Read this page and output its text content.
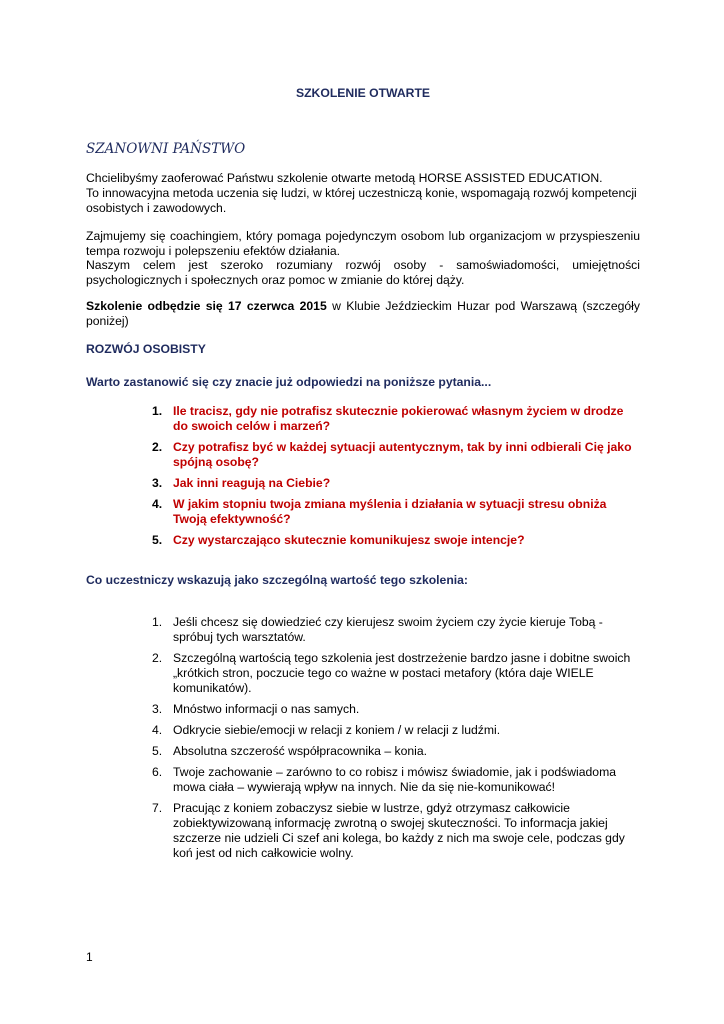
SZKOLENIE OTWARTE
SZANOWNI PAŃSTWO

Chcielibyśmy zaoferować Państwu szkolenie otwarte metodą HORSE ASSISTED EDUCATION.

To innowacyjna metoda uczenia się ludzi, w której uczestniczą konie, wspomagają rozwój kompetencji osobistych i zawodowych.

Zajmujemy się coachingiem, który pomaga pojedynczym osobom lub organizacjom w przyspieszeniu tempa rozwoju i polepszeniu efektów działania.

Naszym celem jest szeroko rozumiany rozwój osoby - samoświadomości, umiejętności psychologicznych i społecznych oraz pomoc w zmianie do której dąży.

Szkolenie odbędzie się 17 czerwca 2015 w Klubie Jeździeckim Huzar pod Warszawą (szczegóły poniżej)

ROZWÓJ OSOBISTY

Warto zastanowić się czy znacie już odpowiedzi na poniższe pytania...

1. Ile tracisz, gdy nie potrafisz skutecznie pokierować własnym życiem w drodze do swoich celów i marzeń?
2. Czy potrafisz być w każdej sytuacji autentycznym, tak by inni odbierali Cię jako spójną osobę?
3. Jak inni reagują na Ciebie?
4. W jakim stopniu twoja zmiana myślenia i działania w sytuacji stresu obniża Twoją efektywność?
5. Czy wystarczająco skutecznie komunikujesz swoje intencje?

Co uczestniczy wskazują jako szczególną wartość tego szkolenia:

1. Jeśli chcesz się dowiedzieć czy kierujesz swoim życiem czy życie kieruje Tobą - spróbuj tych warsztatów.
2. Szczególną wartością tego szkolenia jest dostrzeżenie bardzo jasne i dobitne swoich „krótkich stron, poczucie tego co ważne w postaci metafory (która daje WIELE komunikatów).
3. Mnóstwo informacji o nas samych.
4. Odkrycie siebie/emocji w relacji z koniem / w relacji z ludźmi.
5. Absolutna szczerość współpracownika – konia.
6. Twoje zachowanie – zarówno to co robisz i mówisz świadomie, jak i podświadoma mowa ciała – wywierają wpływ na innych. Nie da się nie-komunikować!
7. Pracując z koniem zobaczysz siebie w lustrze, gdyż otrzymasz całkowicie zobiektywizowaną informację zwrotną o swojej skuteczności. To informacja jakiej szczerze nie udzieli Ci szef ani kolega, bo każdy z nich ma swoje cele, podczas gdy koń jest od nich całkowicie wolny.
1
